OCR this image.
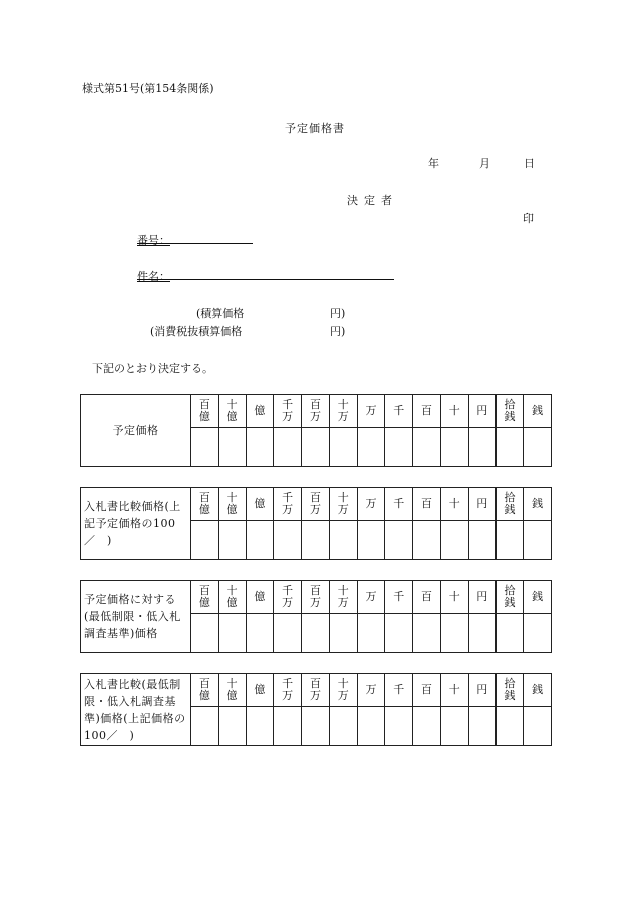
様式第51号(第154条関係)
予定価格書
年	月	日
決定者
印
番号：
件名：
(積算価格	円)
(消費税抜積算価格	円)
下記のとおり決定する。
予定価格	百億	十億	億	千万	百万	十万	万	千	百	十	円	拾銭	銭

入札書比較価格(上記予定価格の100／　)	百億	十億	億	千万	百万	十万	万	千	百	十	円	拾銭	銭

予定価格に対する(最低制限・低入札調査基準)価格	百億	十億	億	千万	百万	十万	万	千	百	十	円	拾銭	銭

入札書比較(最低制限・低入札調査基準)価格(上記価格の100／　)	百億	十億	億	千万	百万	十万	万	千	百	十	円	拾銭	銭
